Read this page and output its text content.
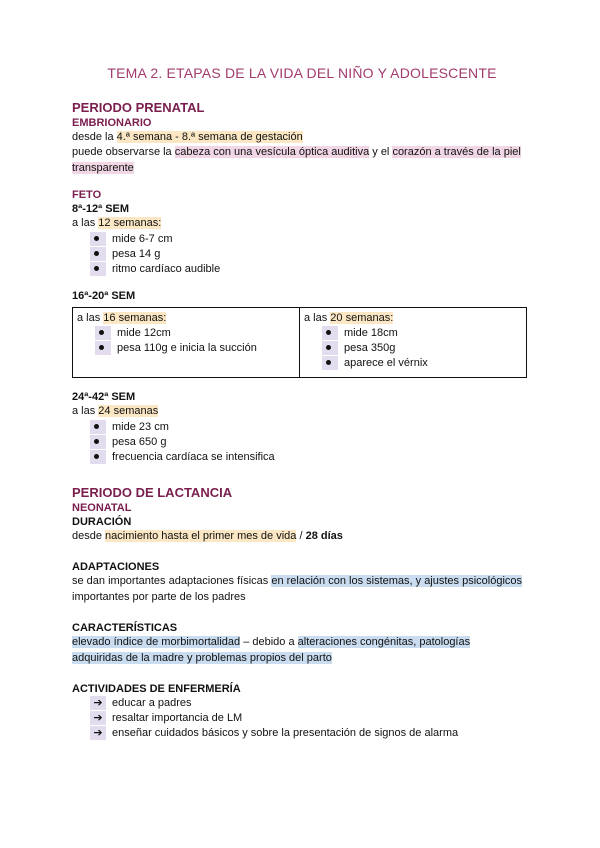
TEMA 2. ETAPAS DE LA VIDA DEL NIÑO Y ADOLESCENTE
PERIODO PRENATAL
EMBRIONARIO
desde la 4.ª semana - 8.ª semana de gestación
puede observarse la cabeza con una vesícula óptica auditiva y el corazón a través de la piel
transparente
FETO
8ª-12ª SEM
a las 12 semanas:
mide 6-7 cm
pesa 14 g
ritmo cardíaco audible
16ª-20ª SEM
a las 16 semanas:
mide 12cm
pesa 110g e inicia la succión

a las 20 semanas:
mide 18cm
pesa 350g
aparece el vérnix
24ª-42ª SEM
a las 24 semanas
mide 23 cm
pesa 650 g
frecuencia cardíaca se intensifica
PERIODO DE LACTANCIA
NEONATAL
DURACIÓN
desde nacimiento hasta el primer mes de vida / 28 días
ADAPTACIONES
se dan importantes adaptaciones físicas en relación con los sistemas, y ajustes psicológicos
importantes por parte de los padres
CARACTERÍSTICAS
elevado índice de morbimortalidad – debido a alteraciones congénitas, patologías
adquiridas de la madre y problemas propios del parto
ACTIVIDADES DE ENFERMERÍA
➔ educar a padres
➔ resaltar importancia de LM
➔ enseñar cuidados básicos y sobre la presentación de signos de alarma
